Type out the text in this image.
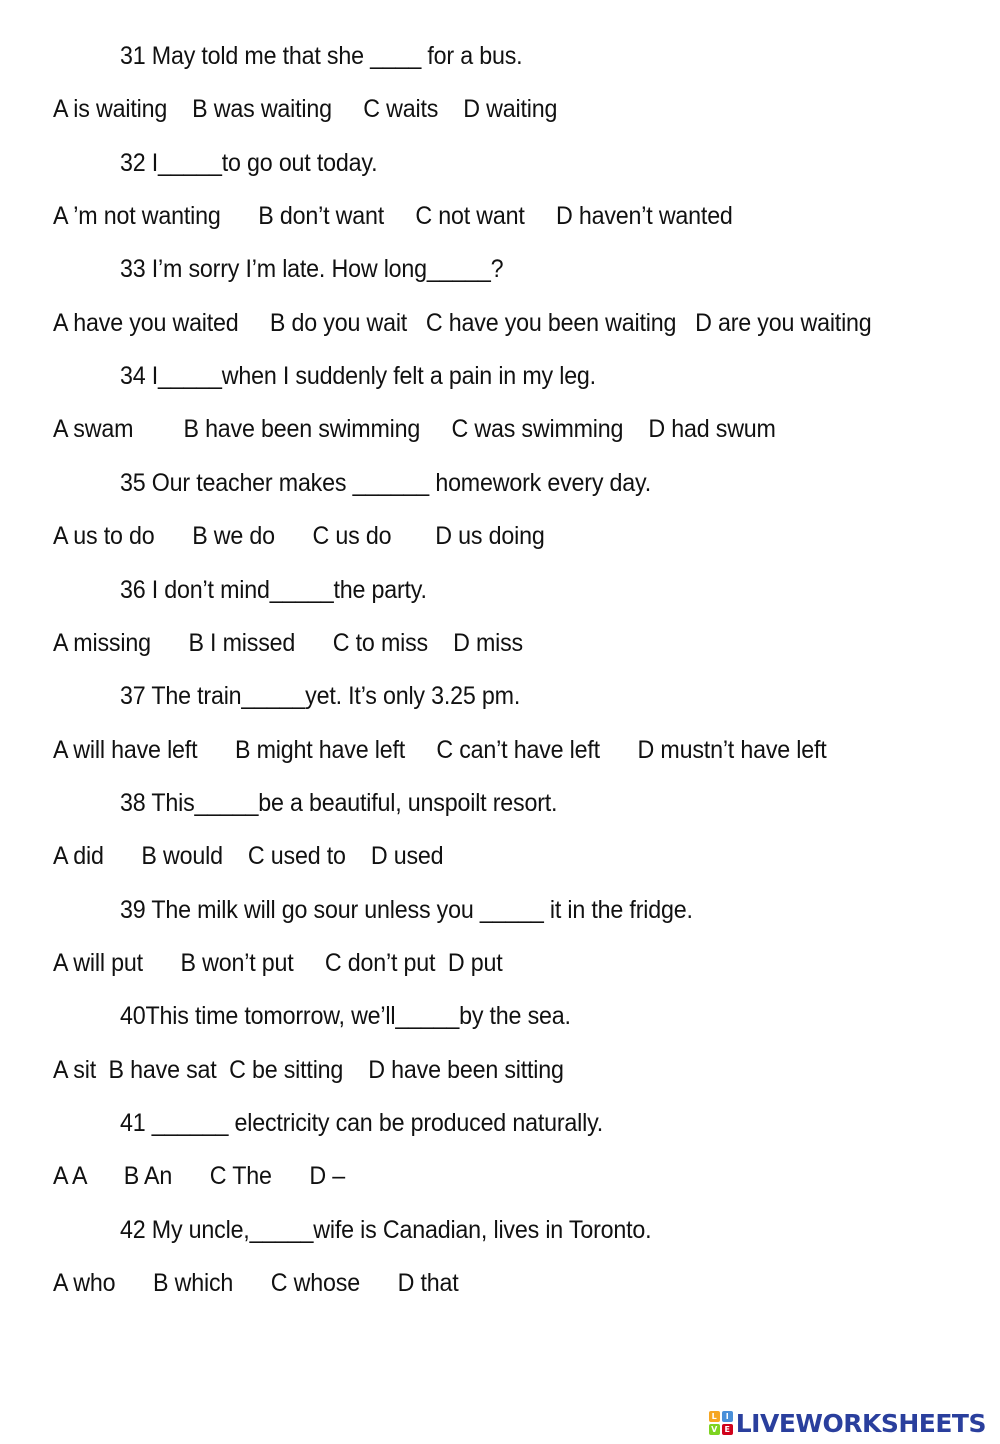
31 May told me that she ____ for a bus.
A is waiting    B was waiting     C waits    D waiting
32 I_____to go out today.
A ’m not wanting      B don’t want     C not want     D haven’t wanted
33 I’m sorry I’m late. How long_____?
A have you waited     B do you wait   C have you been waiting   D are you waiting
34 I_____when I suddenly felt a pain in my leg.
A swam        B have been swimming     C was swimming    D had swum
35 Our teacher makes ______ homework every day.
A us to do      B we do      C us do       D us doing
36 I don’t mind_____the party.
A missing      B I missed      C to miss    D miss
37 The train_____yet. It’s only 3.25 pm.
A will have left      B might have left     C can’t have left      D mustn’t have left
38 This_____be a beautiful, unspoilt resort.
A did      B would    C used to    D used
39 The milk will go sour unless you _____ it in the fridge.
A will put      B won’t put     C don’t put  D put
40This time tomorrow, we’ll_____by the sea.
A sit  B have sat  C be sitting    D have been sitting
41 ______ electricity can be produced naturally.
A A      B An      C The      D –
42 My uncle,_____wife is Canadian, lives in Toronto.
A who      B which      C whose      D that
L	I
V E LIVEWORKSHEETS
